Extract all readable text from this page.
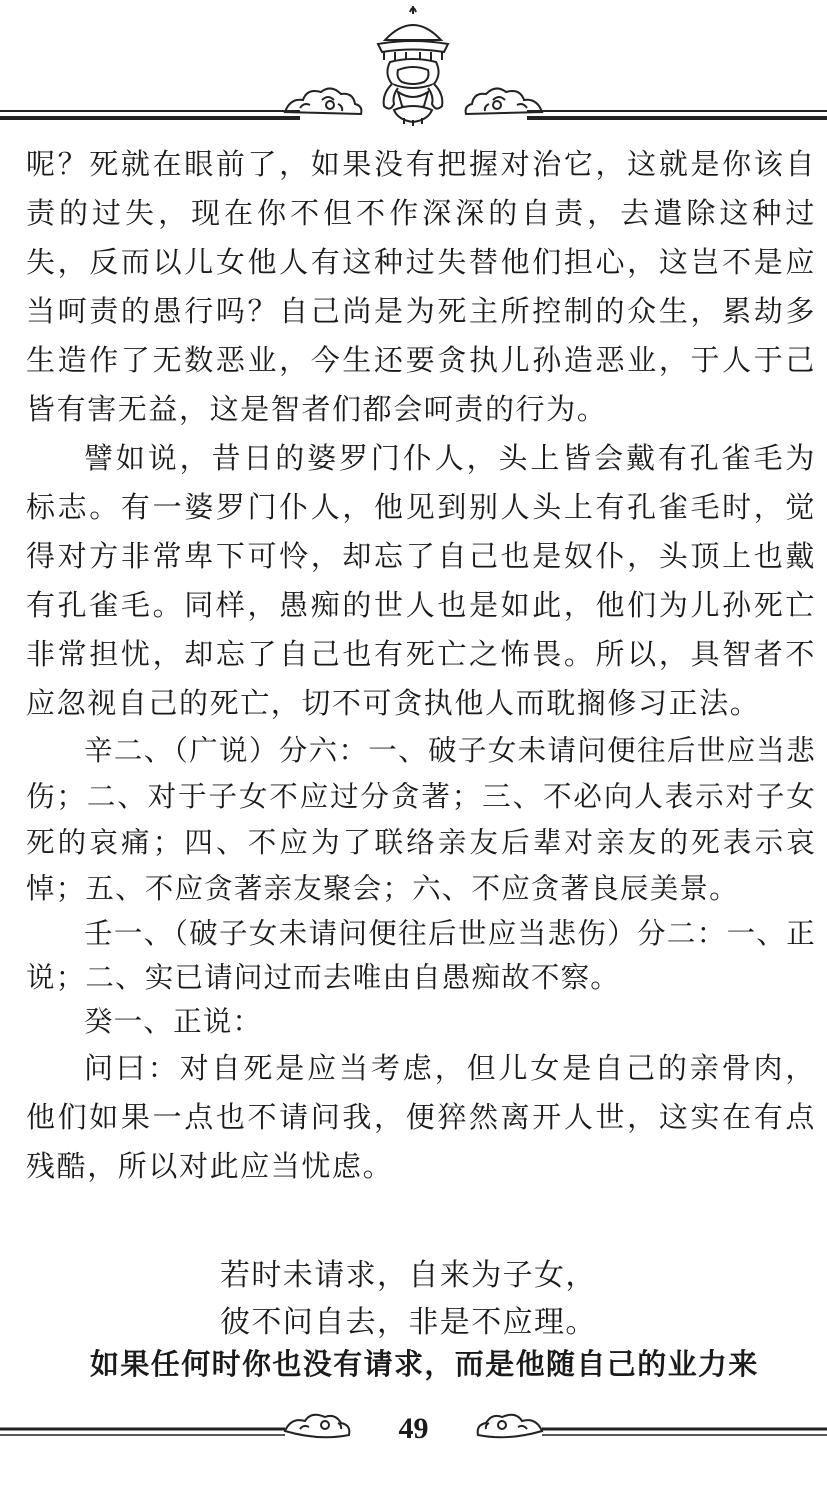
呢？死就在眼前了，如果没有把握对治它，这就是你该自责的过失，现在你不但不作深深的自责，去遣除这种过失，反而以儿女他人有这种过失替他们担心，这岂不是应当呵责的愚行吗？自己尚是为死主所控制的众生，累劫多生造作了无数恶业，今生还要贪执儿孙造恶业，于人于己皆有害无益，这是智者们都会呵责的行为。

譬如说，昔日的婆罗门仆人，头上皆会戴有孔雀毛为标志。有一婆罗门仆人，他见到别人头上有孔雀毛时，觉得对方非常卑下可怜，却忘了自己也是奴仆，头顶上也戴有孔雀毛。同样，愚痴的世人也是如此，他们为儿孙死亡非常担忧，却忘了自己也有死亡之怖畏。所以，具智者不应忽视自己的死亡，切不可贪执他人而耽搁修习正法。

辛二、（广说）分六：一、破子女未请问便往后世应当悲伤；二、对于子女不应过分贪著；三、不必向人表示对子女死的哀痛；四、不应为了联络亲友后辈对亲友的死表示哀悼；五、不应贪著亲友聚会；六、不应贪著良辰美景。

壬一、（破子女未请问便往后世应当悲伤）分二：一、正说；二、实已请问过而去唯由自愚痴故不察。

癸一、正说：

问曰：对自死是应当考虑，但儿女是自己的亲骨肉，他们如果一点也不请问我，便猝然离开人世，这实在有点残酷，所以对此应当忧虑。

若时未请求，自来为子女，

彼不问自去，非是不应理。

如果任何时你也没有请求，而是他随自己的业力来

49
